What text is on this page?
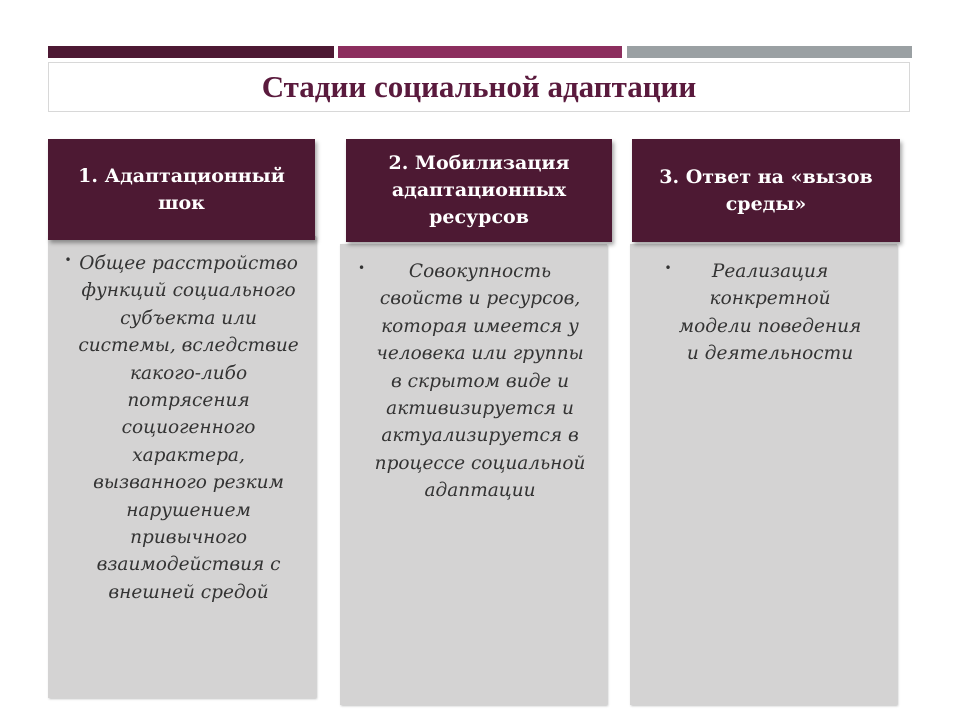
Стадии социальной адаптации
• Общее расстройство функций социального субъекта или системы, вследствие какого-либо потрясения социогенного характера, вызванного резким нарушением привычного взаимодействия с внешней средой
1. Адаптационный шок
•	Совокупность свойств и ресурсов, которая имеется у человека или группы в скрытом виде и активизируется и актуализируется в процессе социальной адаптации
2. Мобилизация адаптационных ресурсов
•	Реализация конкретной модели поведения и деятельности
3. Ответ на «вызов среды»
